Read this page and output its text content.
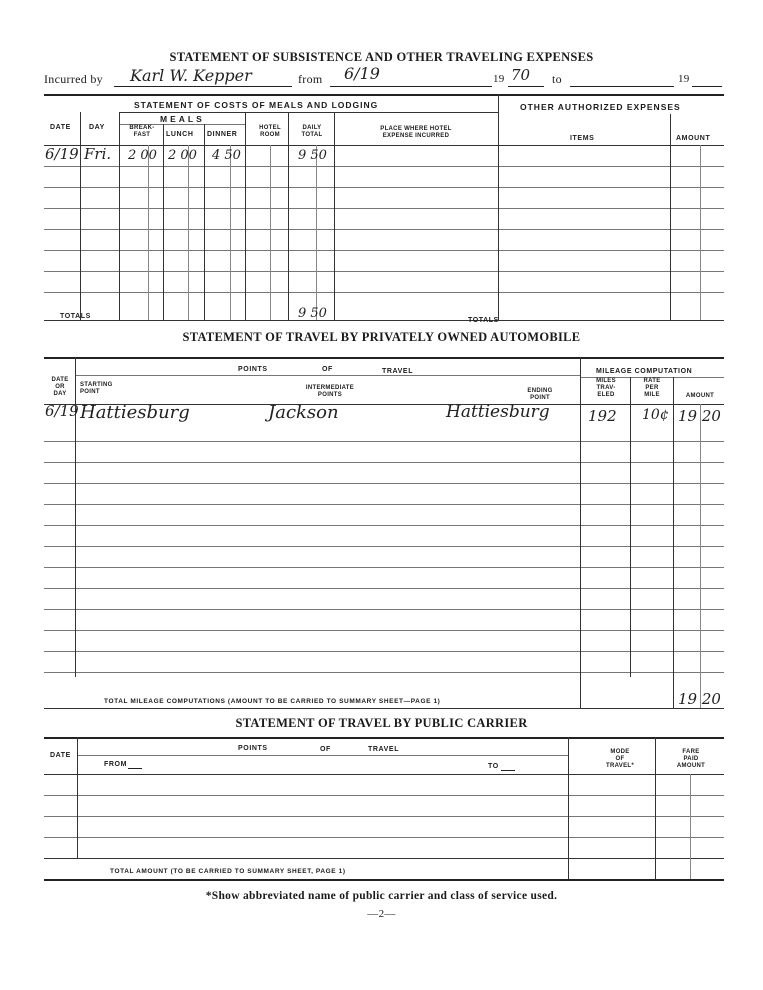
STATEMENT OF SUBSISTENCE AND OTHER TRAVELING EXPENSES
Incurred by Karl W. Kepper	from 6/19	19 70 to	19
STATEMENT OF COSTS OF MEALS AND LODGING	OTHER AUTHORIZED EXPENSES
MEALS
DATE	DAY	BREAK-
FAST	LUNCH DINNER
HOTEL
ROOM
DAILY
TOTAL
PLACE WHERE HOTEL
EXPENSE INCURRED	ITEMS	AMOUNT
6/19 Fri. 2 00 2 00 4 50	9 50
TOTALS	9 50	TOTALS
STATEMENT OF TRAVEL BY PRIVATELY OWNED AUTOMOBILE
POINTS	OF	TRAVEL	MILEAGE COMPUTATION
DATE
OR
DAY
STARTING
POINT
INTERMEDIATE
POINTS
ENDING
POINT
MILES
TRAV-
ELED
RATE
PER
MILE	AMOUNT
6/19 Hattiesburg	Jackson	Hattiesburg	192 10¢ 19 20
TOTAL MILEAGE COMPUTATIONS (AMOUNT TO BE CARRIED TO SUMMARY SHEET—PAGE 1)	19 20
STATEMENT OF TRAVEL BY PUBLIC CARRIER
DATE
POINTS	OF	TRAVEL
FROM	TO
MODE
OF
TRAVEL*
FARE
PAID
AMOUNT
TOTAL AMOUNT (TO BE CARRIED TO SUMMARY SHEET, PAGE 1)
*Show abbreviated name of public carrier and class of service used.
—2—
